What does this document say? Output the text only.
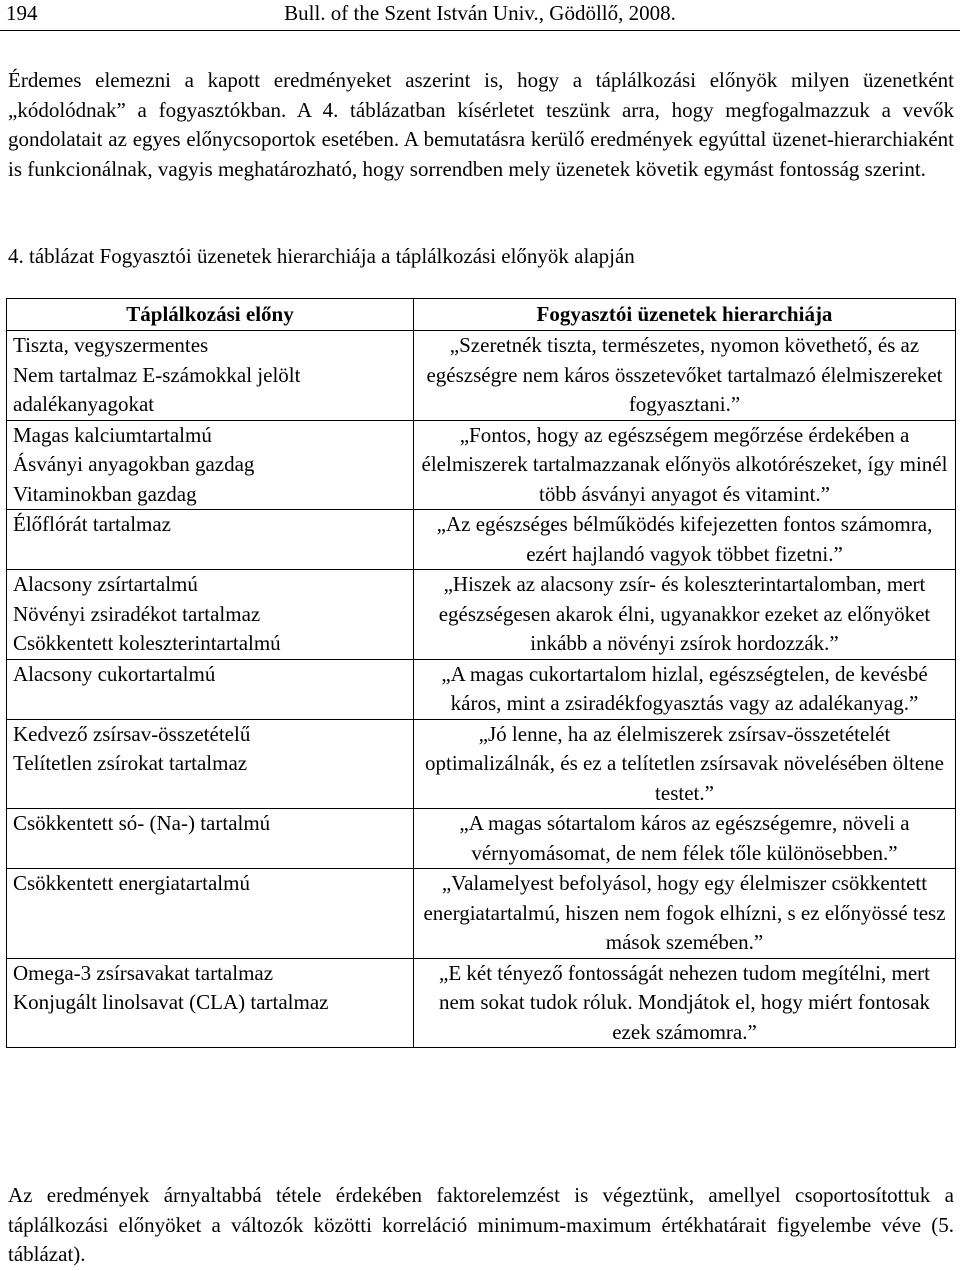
194	Bull. of the Szent István Univ., Gödöllő, 2008.
Érdemes elemezni a kapott eredményeket aszerint is, hogy a táplálkozási előnyök milyen üzenetként „kódolódnak” a fogyasztókban. A 4. táblázatban kísérletet teszünk arra, hogy megfogalmazzuk a vevők gondolatait az egyes előnycsoportok esetében. A bemutatásra kerülő eredmények egyúttal üzenet-hierarchiaként is funkcionálnak, vagyis meghatározható, hogy sorrendben mely üzenetek követik egymást fontosság szerint.
4. táblázat Fogyasztói üzenetek hierarchiája a táplálkozási előnyök alapján
Táplálkozási előny	Fogyasztói üzenetek hierarchiája

Tiszta, vegyszermentes
Nem tartalmaz E-számokkal jelölt adalékanyagokat	„Szeretnék tiszta, természetes, nyomon követhető, és az egészségre nem káros összetevőket tartalmazó élelmiszereket fogyasztani.”

Magas kalciumtartalmú
Ásványi anyagokban gazdag
Vitaminokban gazdag	„Fontos, hogy az egészségem megőrzése érdekében a élelmiszerek tartalmazzanak előnyös alkotórészeket, így minél több ásványi anyagot és vitamint.”

Élőflórát tartalmaz	„Az egészséges bélműködés kifejezetten fontos számomra, ezért hajlandó vagyok többet fizetni.”

Alacsony zsírtartalmú
Növényi zsiradékot tartalmaz
Csökkentett koleszterintartalmú	„Hiszek az alacsony zsír- és koleszterintartalomban, mert egészségesen akarok élni, ugyanakkor ezeket az előnyöket inkább a növényi zsírok hordozzák.”

Alacsony cukortartalmú	„A magas cukortartalom hizlal, egészségtelen, de kevésbé káros, mint a zsiradékfogyasztás vagy az adalékanyag.”

Kedvező zsírsav-összetételű
Telítetlen zsírokat tartalmaz	„Jó lenne, ha az élelmiszerek zsírsav-összetételét optimalizálnák, és ez a telítetlen zsírsavak növelésében öltene testet.”

Csökkentett só- (Na-) tartalmú	„A magas sótartalom káros az egészségemre, növeli a vérnyomásomat, de nem félek tőle különösebben.”

Csökkentett energiatartalmú	„Valamelyest befolyásol, hogy egy élelmiszer csökkentett energiatartalmú, hiszen nem fogok elhízni, s ez előnyössé tesz mások szemében.”

Omega-3 zsírsavakat tartalmaz
Konjugált linolsavat (CLA) tartalmaz	„E két tényező fontosságát nehezen tudom megítélni, mert nem sokat tudok róluk. Mondjátok el, hogy miért fontosak ezek számomra.”
Az eredmények árnyaltabbá tétele érdekében faktorelemzést is végeztünk, amellyel csoportosítottuk a táplálkozási előnyöket a változók közötti korreláció minimum-maximum értékhatárait figyelembe véve (5. táblázat).
